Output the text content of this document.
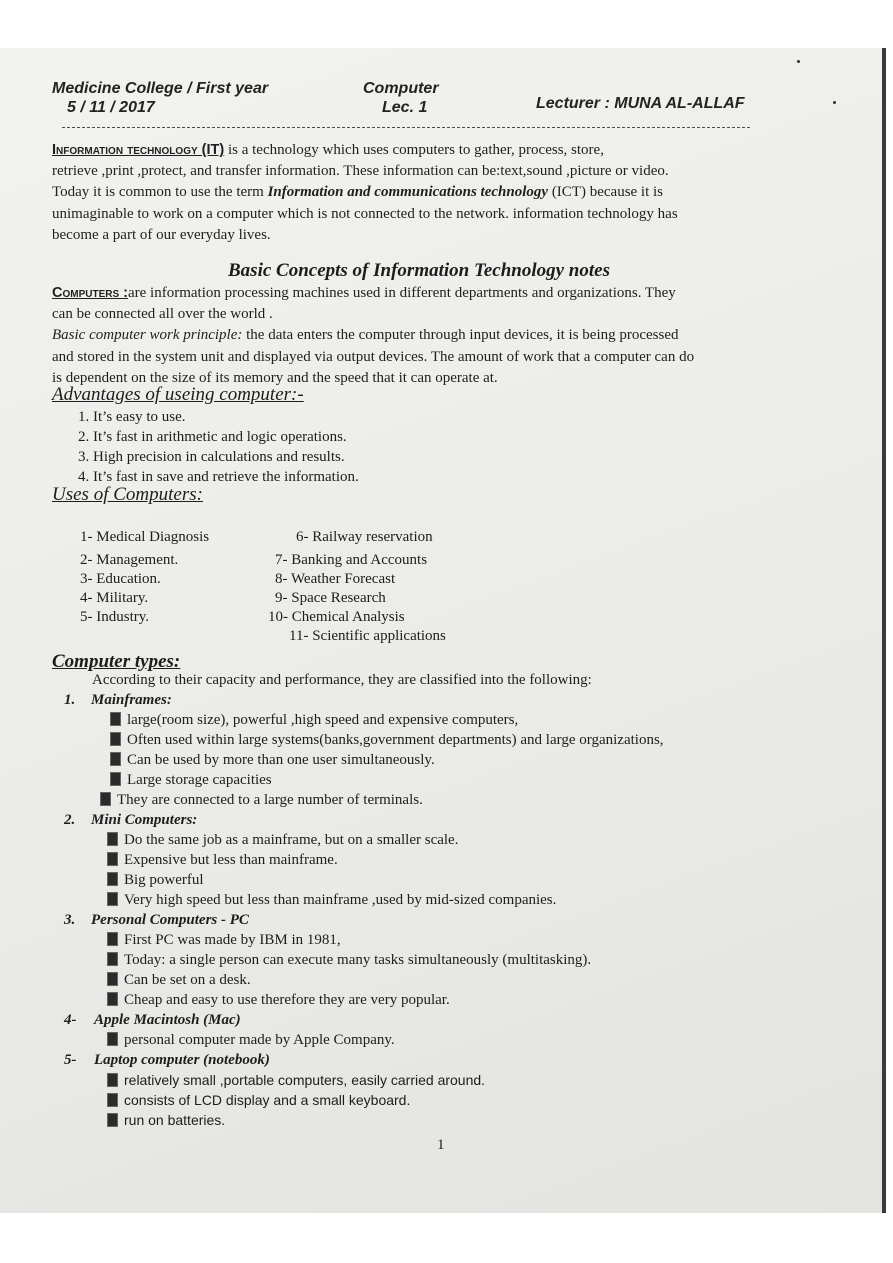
Medicine College / First year
5 / 11 / 2017
Computer
Lec. 1	Lecturer : MUNA AL-ALLAF
Information technology (IT) is a technology which uses computers to gather, process, store,
retrieve ,print ,protect, and transfer information. These information can be:text,sound ,picture or video.
Today it is common to use the term Information and communications technology (ICT) because it is
unimaginable to work on a computer which is not connected to the network. information technology has
become a part of our everyday lives.
Basic Concepts of Information Technology notes
Computers :are information processing machines used in different departments and organizations. They
can be connected all over the world .
Basic computer work principle: the data enters the computer through input devices, it is being processed
and stored in the system unit and displayed via output devices. The amount of work that a computer can do
is dependent on the size of its memory and the speed that it can operate at.
Advantages of useing computer:-
1. It’s easy to use.
2. It’s fast in arithmetic and logic operations.
3. High precision in calculations and results.
4. It’s fast in save and retrieve the information.
Uses of Computers:
1- Medical Diagnosis
2- Management.
3- Education.
4- Military.
5- Industry.
6- Railway reservation
7- Banking and Accounts
8- Weather Forecast
9- Space Research
10- Chemical Analysis
11- Scientific applications
Computer types:
According to their capacity and performance, they are classified into the following:
1. Mainframes:
large(room size), powerful ,high speed and expensive computers,
Often used within large systems(banks,government departments) and large organizations,
Can be used by more than one user simultaneously.
Large storage capacities
They are connected to a large number of terminals.
2. Mini Computers:
Do the same job as a mainframe, but on a smaller scale.
Expensive but less than mainframe.
Big powerful
Very high speed but less than mainframe ,used by mid-sized companies.
3. Personal Computers - PC
First PC was made by IBM in 1981,
Today: a single person can execute many tasks simultaneously (multitasking).
Can be set on a desk.
Cheap and easy to use therefore they are very popular.
4- Apple Macintosh (Mac)
personal computer made by Apple Company.
5- Laptop computer (notebook)
relatively small ,portable computers, easily carried around.
consists of LCD display and a small keyboard.
run on batteries.
1
